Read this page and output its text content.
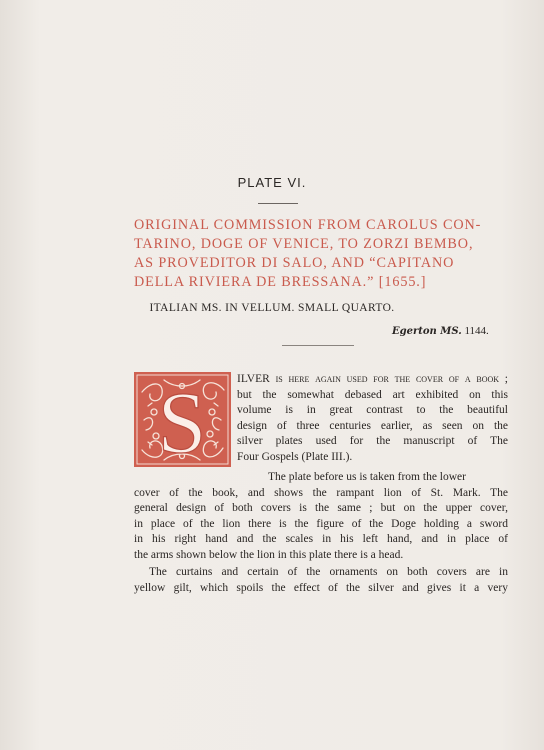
PLATE VI.
ORIGINAL COMMISSION FROM CAROLUS CON-
TARINO, DOGE OF VENICE, TO ZORZI BEMBO,
AS PROVEDITOR DI SALO, AND “CAPITANO
DELLA RIVIERA DE BRESSANA.” [1655.]
ITALIAN MS. IN VELLUM. SMALL QUARTO.
Egerton MS. 1144.
S	ILVER is here again used for the cover of a book ;
but the somewhat debased art exhibited on this
volume is in great contrast to the beautiful
design of three centuries earlier, as seen on the
silver plates used for the manuscript of The
Four Gospels (Plate III.).
The plate before us is taken from the lower
cover of the book, and shows the rampant lion of St. Mark. The
general design of both covers is the same ; but on the upper cover,
in place of the lion there is the figure of the Doge holding a sword
in his right hand and the scales in his left hand, and in place of
the arms shown below the lion in this plate there is a head.
The curtains and certain of the ornaments on both covers are in
yellow gilt, which spoils the effect of the silver and gives it a very
